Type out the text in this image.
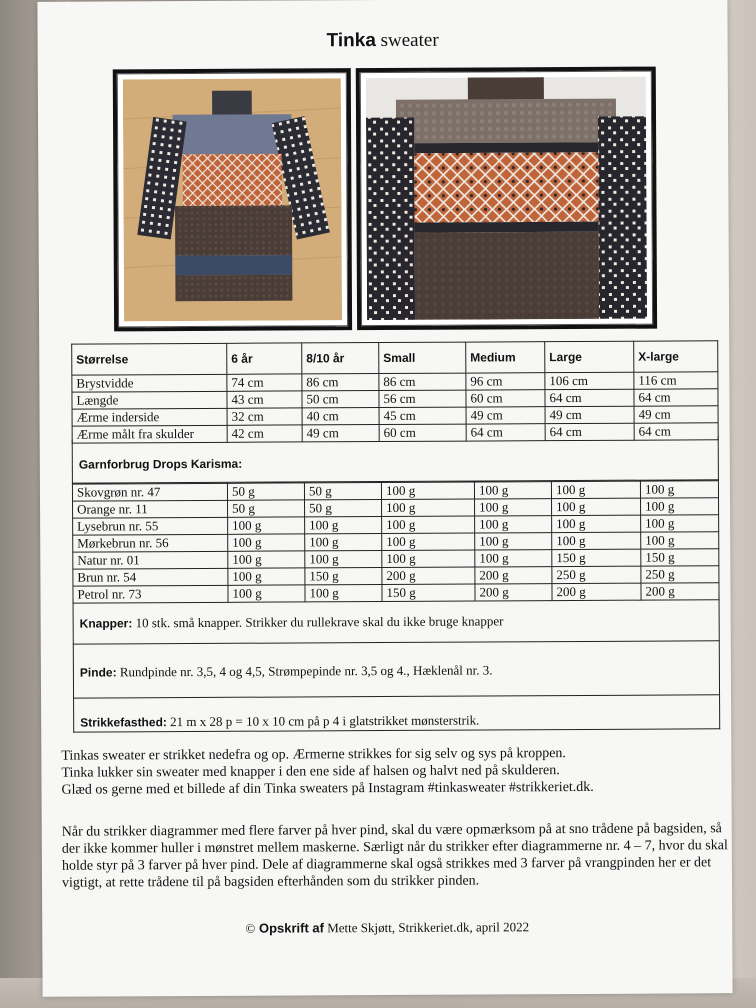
Tinka sweater
Størrelse	6 år	8/10 år	Small	Medium	Large	X-large
Brystvidde	74 cm	86 cm	86 cm	96 cm	106 cm	116 cm
Længde	43 cm	50 cm	56 cm	60 cm	64 cm	64 cm
Ærme inderside	32 cm	40 cm	45 cm	49 cm	49 cm	49 cm
Ærme målt fra skulder	42 cm	49 cm	60 cm	64 cm	64 cm	64 cm
Garnforbrug Drops Karisma:
Skovgrøn nr. 47	50 g	50 g	100 g	100 g	100 g	100 g
Orange nr. 11	50 g	50 g	100 g	100 g	100 g	100 g
Lysebrun nr. 55	100 g	100 g	100 g	100 g	100 g	100 g
Mørkebrun nr. 56	100 g	100 g	100 g	100 g	100 g	100 g
Natur nr. 01	100 g	100 g	100 g	100 g	150 g	150 g
Brun nr. 54	100 g	150 g	200 g	200 g	250 g	250 g
Petrol nr. 73	100 g	100 g	150 g	200 g	200 g	200 g
Knapper: 10 stk. små knapper. Strikker du rullekrave skal du ikke bruge knapper
Pinde: Rundpinde nr. 3,5, 4 og 4,5, Strømpepinde nr. 3,5 og 4., Hæklenål nr. 3.
Strikkefasthed: 21 m x 28 p = 10 x 10 cm på p 4 i glatstrikket mønsterstrik.

Tinkas sweater er strikket nedefra og op. Ærmerne strikkes for sig selv og sys på kroppen.

Tinka lukker sin sweater med knapper i den ene side af halsen og halvt ned på skulderen.

Glæd os gerne med et billede af din Tinka sweaters på Instagram #tinkasweater #strikkeriet.dk.

Når du strikker diagrammer med flere farver på hver pind, skal du være opmærksom på at sno trådene på bagsiden, så der ikke kommer huller i mønstret mellem maskerne. Særligt når du strikker efter diagrammerne nr. 4 – 7, hvor du skal holde styr på 3 farver på hver pind. Dele af diagrammerne skal også strikkes med 3 farver på vrangpinden her er det vigtigt, at rette trådene til på bagsiden efterhånden som du strikker pinden.
© Opskrift af Mette Skjøtt, Strikkeriet.dk, april 2022
